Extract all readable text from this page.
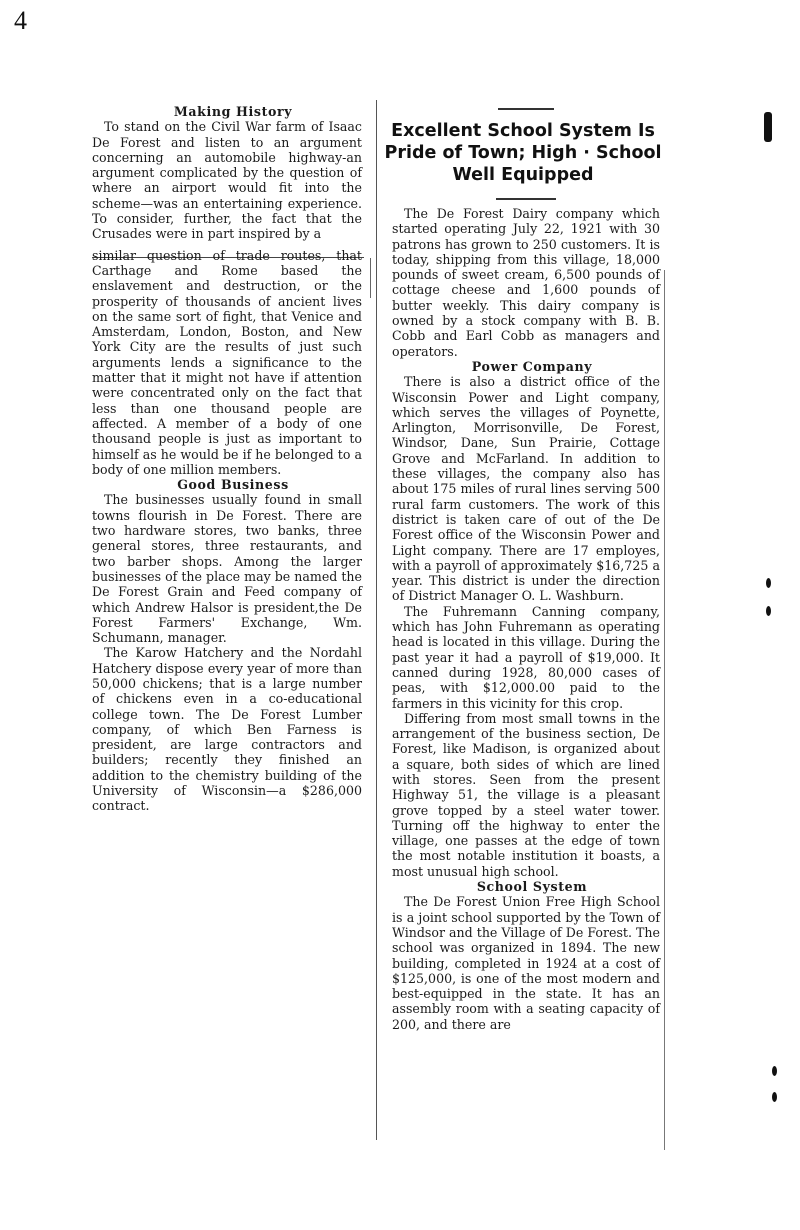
4

Making History

To stand on the Civil War farm of Isaac De Forest and listen to an argument concerning an automobile highway-an argument complicated by the question of where an airport would fit into the scheme—was an entertaining experience. To consider, further, the fact that the Crusades were in part inspired by a

similar question of trade routes, that Carthage and Rome based the enslavement and destruction, or the prosperity of thousands of ancient lives on the same sort of fight, that Venice and Amsterdam, London, Boston, and New York City are the results of just such arguments lends a significance to the matter that it might not have if attention were concentrated only on the fact that less than one thousand people are affected. A member of a body of one thousand people is just as important to himself as he would be if he belonged to a body of one million members.

Good Business

The businesses usually found in small towns flourish in De Forest. There are two hardware stores, two banks, three general stores, three restaurants, and two barber shops. Among the larger businesses of the place may be named the De Forest Grain and Feed company of which Andrew Halsor is president,the De Forest Farmers' Exchange, Wm. Schumann, manager.

The Karow Hatchery and the Nordahl Hatchery dispose every year of more than 50,000 chickens; that is a large number of chickens even in a co-educational college town. The De Forest Lumber company, of which Ben Farness is president, are large contractors and builders; recently they finished an addition to the chemistry building of the University of Wisconsin—a $286,000 contract.

Excellent School System Is Pride of Town; High · School Well Equipped

The De Forest Dairy company which started operating July 22, 1921 with 30 patrons has grown to 250 customers. It is today, shipping from this village, 18,000 pounds of sweet cream, 6,500 pounds of cottage cheese and 1,600 pounds of butter weekly. This dairy company is owned by a stock company with B. B. Cobb and Earl Cobb as managers and operators.

Power Company

There is also a district office of the Wisconsin Power and Light company, which serves the villages of Poynette, Arlington, Morrisonville, De Forest, Windsor, Dane, Sun Prairie, Cottage Grove and McFarland. In addition to these villages, the company also has about 175 miles of rural lines serving 500 rural farm customers. The work of this district is taken care of out of the De Forest office of the Wisconsin Power and Light company. There are 17 employes, with a payroll of approximately $16,725 a year. This district is under the direction of District Manager O. L. Washburn.

The Fuhremann Canning company, which has John Fuhremann as operating head is located in this village. During the past year it had a payroll of $19,000. It canned during 1928, 80,000 cases of peas, with $12,000.00 paid to the farmers in this vicinity for this crop.

Differing from most small towns in the arrangement of the business section, De Forest, like Madison, is organized about a square, both sides of which are lined with stores. Seen from the present Highway 51, the village is a pleasant grove topped by a steel water tower. Turning off the highway to enter the village, one passes at the edge of town the most notable institution it boasts, a most unusual high school.

School System

The De Forest Union Free High School is a joint school supported by the Town of Windsor and the Village of De Forest. The school was organized in 1894. The new building, completed in 1924 at a cost of $125,000, is one of the most modern and best-equipped in the state. It has an assembly room with a seating capacity of 200, and there are
